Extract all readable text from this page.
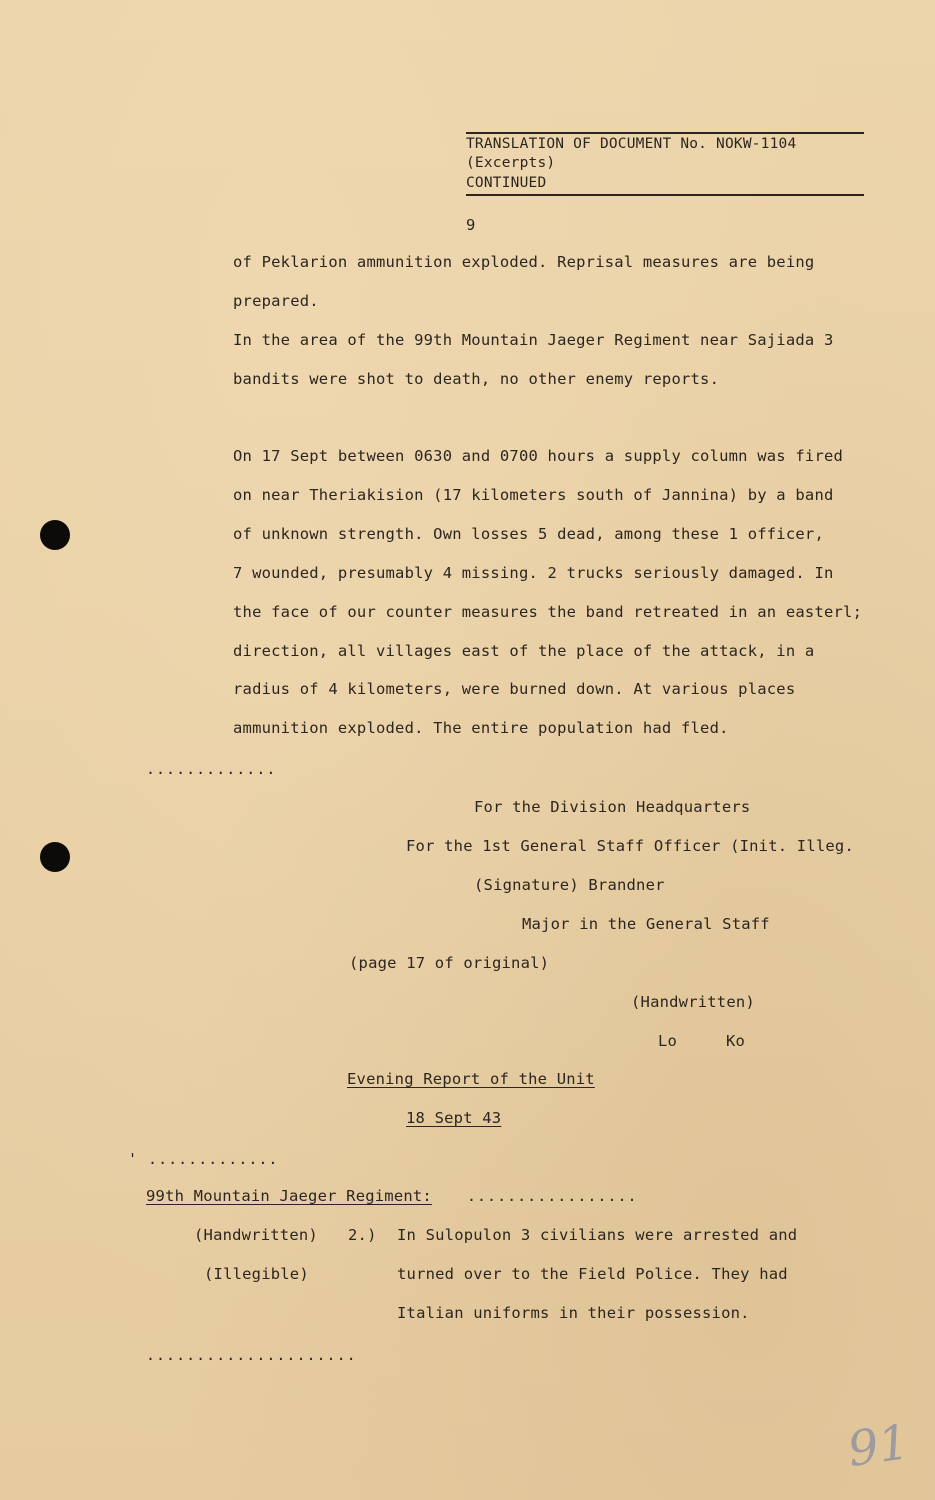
TRANSLATION OF DOCUMENT No. NOKW-1104
(Excerpts)
CONTINUED
9
of Peklarion ammunition exploded. Reprisal measures are being
prepared.
In the area of the 99th Mountain Jaeger Regiment near Sajiada 3
bandits were shot to death, no other enemy reports.
On 17 Sept between 0630 and 0700 hours a supply column was fired
on near Theriakision (17 kilometers south of Jannina) by a band
of unknown strength. Own losses 5 dead, among these 1 officer,
7 wounded, presumably 4 missing. 2 trucks seriously damaged. In
the face of our counter measures the band retreated in an easterl;
direction, all villages east of the place of the attack, in a
radius of 4 kilometers, were burned down. At various places
ammunition exploded. The entire population had fled.
.............
For the Division Headquarters
For the 1st General Staff Officer (Init. Illeg.
(Signature) Brandner
Major in the General Staff
(page 17 of original)
(Handwritten)
Lo	Ko
Evening Report of the Unit
18 Sept 43
' .............
99th Mountain Jaeger Regiment: .................
(Handwritten)
(Illegible)
2.) In Sulopulon 3 civilians were arrested and
turned over to the Field Police. They had
Italian uniforms in their possession.
.....................
91
